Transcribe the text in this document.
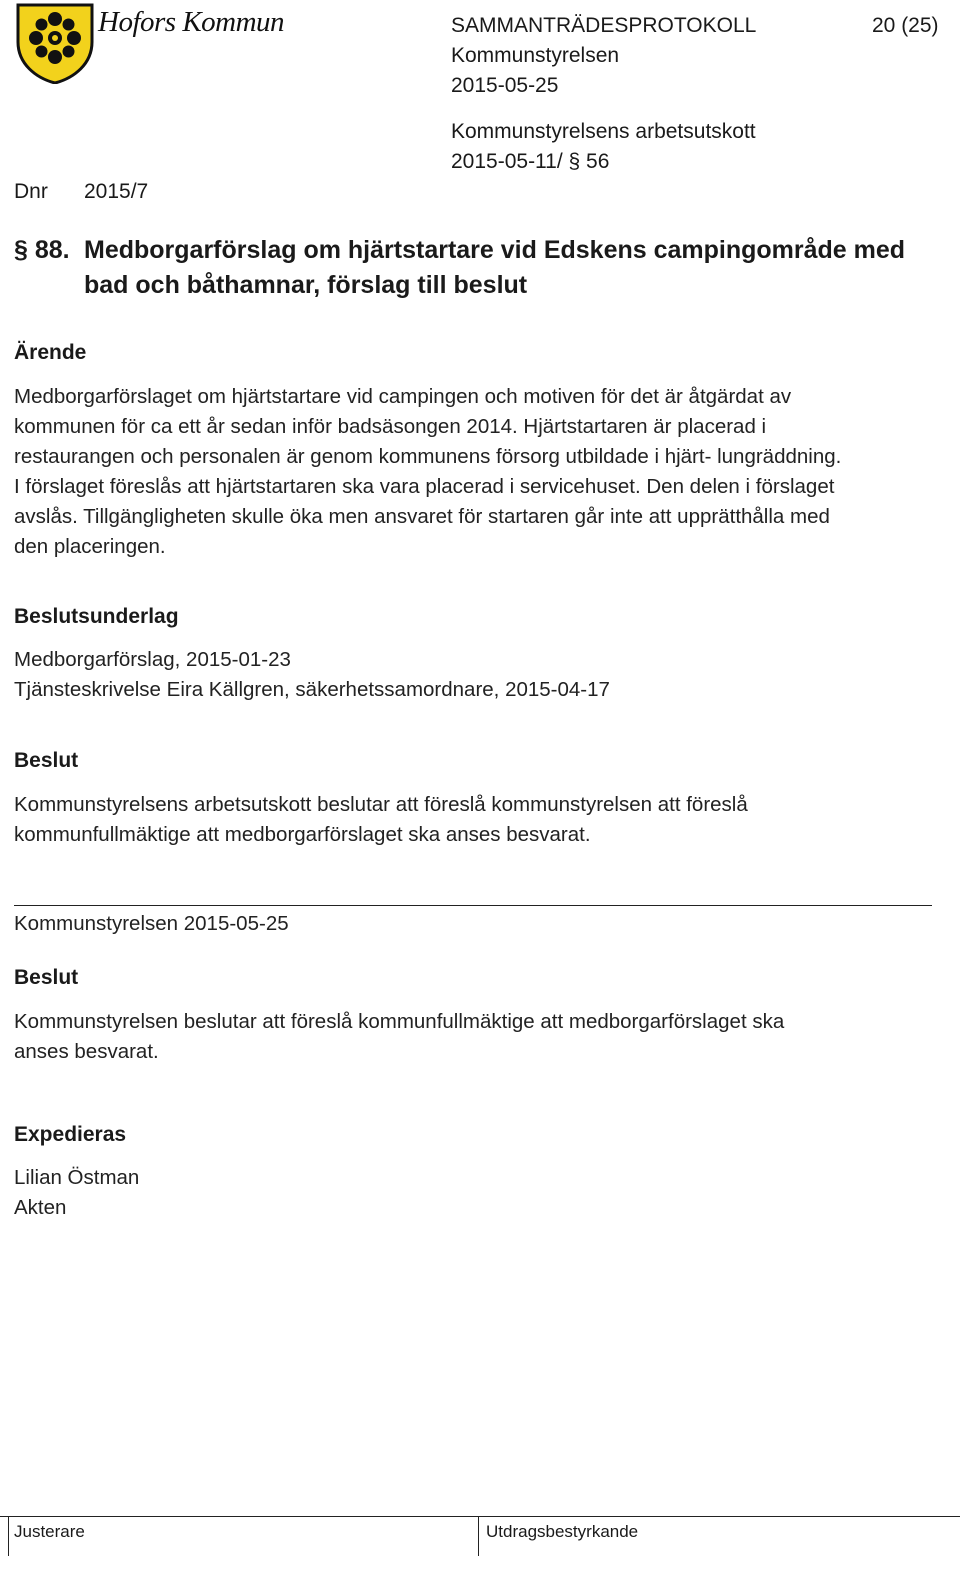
Hofors Kommun	SAMMANTRÄDESPROTOKOLL	20 (25)
Kommunstyrelsen
2015-05-25
Kommunstyrelsens arbetsutskott
2015-05-11/ § 56
Dnr 2015/7
§ 88. Medborgarförslag om hjärtstartare vid Edskens campingområde med bad och båthamnar, förslag till beslut
Ärende
Medborgarförslaget om hjärtstartare vid campingen och motiven för det är åtgärdat av
kommunen för ca ett år sedan inför badsäsongen 2014. Hjärtstartaren är placerad i
restaurangen och personalen är genom kommunens försorg utbildade i hjärt- lungräddning.
I förslaget föreslås att hjärtstartaren ska vara placerad i servicehuset. Den delen i förslaget
avslås. Tillgängligheten skulle öka men ansvaret för startaren går inte att upprätthålla med
den placeringen.
Beslutsunderlag
Medborgarförslag, 2015-01-23
Tjänsteskrivelse Eira Källgren, säkerhetssamordnare, 2015-04-17
Beslut
Kommunstyrelsens arbetsutskott beslutar att föreslå kommunstyrelsen att föreslå
kommunfullmäktige att medborgarförslaget ska anses besvarat.
Kommunstyrelsen 2015-05-25
Beslut
Kommunstyrelsen beslutar att föreslå kommunfullmäktige att medborgarförslaget ska
anses besvarat.
Expedieras
Lilian Östman
Akten
Justerare	Utdragsbestyrkande
